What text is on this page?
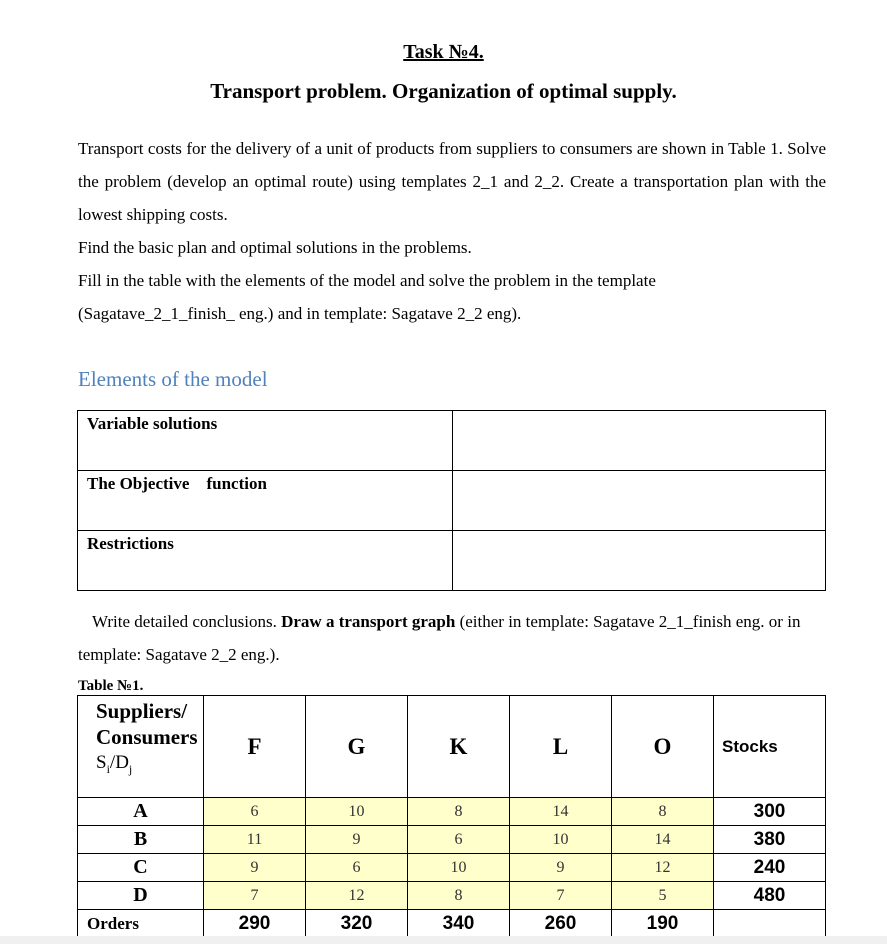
Task №4.
Transport problem. Organization of optimal supply.
Transport costs for the delivery of a unit of products from suppliers to consumers are shown in Table 1. Solve the problem (develop an optimal route) using templates 2_1 and 2_2. Create a transportation plan with the lowest shipping costs.
Find the basic plan and optimal solutions in the problems.
Fill in the table with the elements of the model and solve the problem in the template
(Sagatave_2_1_finish_ eng.) and in template: Sagatave 2_2 eng).
Elements of the model
Variable solutions	
The Objective    function	
Restrictions	
Write detailed conclusions. Draw a transport graph (either in template: Sagatave 2_1_finish eng. or in template: Sagatave 2_2 eng.).
Table №1.
Suppliers/
Consumers
$S_i/D_j$	F	G	K	L	O	Stocks
A	6	10	8	14	8	300
B	11	9	6	10	14	380
C	9	6	10	9	12	240
D	7	12	8	7	5	480
Orders	290	320	340	260	190	
